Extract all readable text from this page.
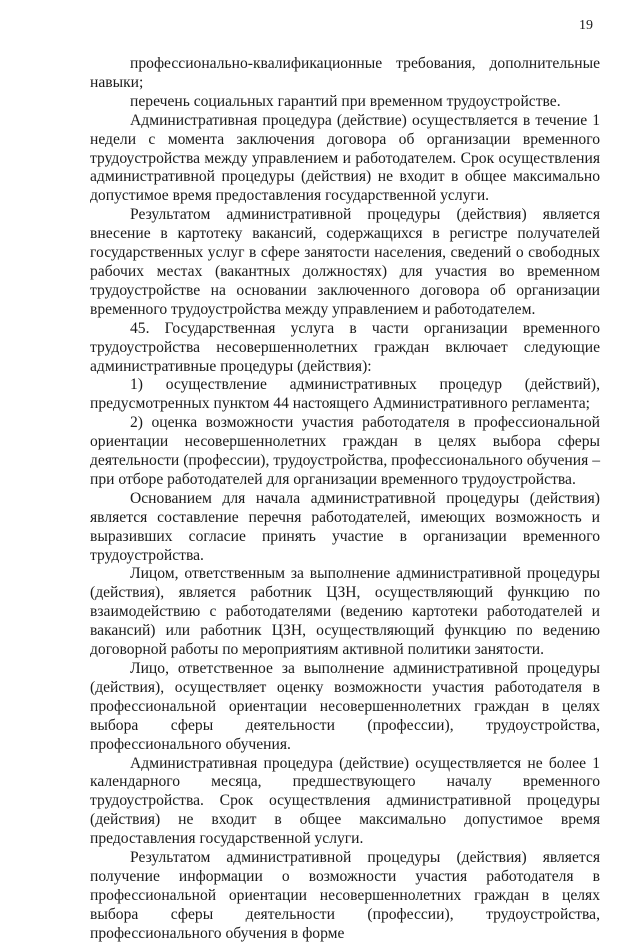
19

профессионально-квалификационные требования, дополнительные навыки;

перечень социальных гарантий при временном трудоустройстве.

Административная процедура (действие) осуществляется в течение 1 недели с момента заключения договора об организации временного трудоустройства между управлением и работодателем. Срок осуществления административной процедуры (действия) не входит в общее максимально допустимое время предоставления государственной услуги.

Результатом административной процедуры (действия) является внесение в картотеку вакансий, содержащихся в регистре получателей государственных услуг в сфере занятости населения, сведений о свободных рабочих местах (вакантных должностях) для участия во временном трудоустройстве на основании заключенного договора об организации временного трудоустройства между управлением и работодателем.

45. Государственная услуга в части организации временного трудоустройства несовершеннолетних граждан включает следующие административные процедуры (действия):

1) осуществление административных процедур (действий), предусмотренных пунктом 44 настоящего Административного регламента;

2) оценка возможности участия работодателя в профессиональной ориентации несовершеннолетних граждан в целях выбора сферы деятельности (профессии), трудоустройства, профессионального обучения – при отборе работодателей для организации временного трудоустройства.

Основанием для начала административной процедуры (действия) является составление перечня работодателей, имеющих возможность и выразивших согласие принять участие в организации временного трудоустройства.

Лицом, ответственным за выполнение административной процедуры (действия), является работник ЦЗН, осуществляющий функцию по взаимодействию с работодателями (ведению картотеки работодателей и вакансий) или работник ЦЗН, осуществляющий функцию по ведению договорной работы по мероприятиям активной политики занятости.

Лицо, ответственное за выполнение административной процедуры (действия), осуществляет оценку возможности участия работодателя в профессиональной ориентации несовершеннолетних граждан в целях выбора сферы деятельности (профессии), трудоустройства, профессионального обучения.

Административная процедура (действие) осуществляется не более 1 календарного месяца, предшествующего началу временного трудоустройства. Срок осуществления административной процедуры (действия) не входит в общее максимально допустимое время предоставления государственной услуги.

Результатом административной процедуры (действия) является получение информации о возможности участия работодателя в профессиональной ориентации несовершеннолетних граждан в целях выбора сферы деятельности (профессии), трудоустройства, профессионального обучения в форме
